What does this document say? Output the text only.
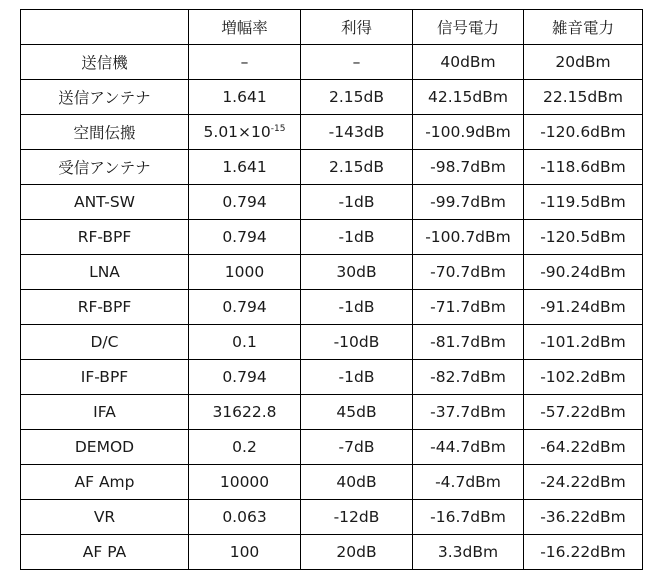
	増幅率	利得	信号電力	雑音電力
送信機	–	–	40dBm	20dBm
送信アンテナ	1.641	2.15dB	42.15dBm	22.15dBm
空間伝搬	$5.01\times 10^{-15}$	-143dB	-100.9dBm	-120.6dBm
受信アンテナ	1.641	2.15dB	-98.7dBm	-118.6dBm
ANT-SW	0.794	-1dB	-99.7dBm	-119.5dBm
RF-BPF	0.794	-1dB	-100.7dBm	-120.5dBm
LNA	1000	30dB	-70.7dBm	-90.24dBm
RF-BPF	0.794	-1dB	-71.7dBm	-91.24dBm
D/C	0.1	-10dB	-81.7dBm	-101.2dBm
IF-BPF	0.794	-1dB	-82.7dBm	-102.2dBm
IFA	31622.8	45dB	-37.7dBm	-57.22dBm
DEMOD	0.2	-7dB	-44.7dBm	-64.22dBm
AF Amp	10000	40dB	-4.7dBm	-24.22dBm
VR	0.063	-12dB	-16.7dBm	-36.22dBm
AF PA	100	20dB	3.3dBm	-16.22dBm
